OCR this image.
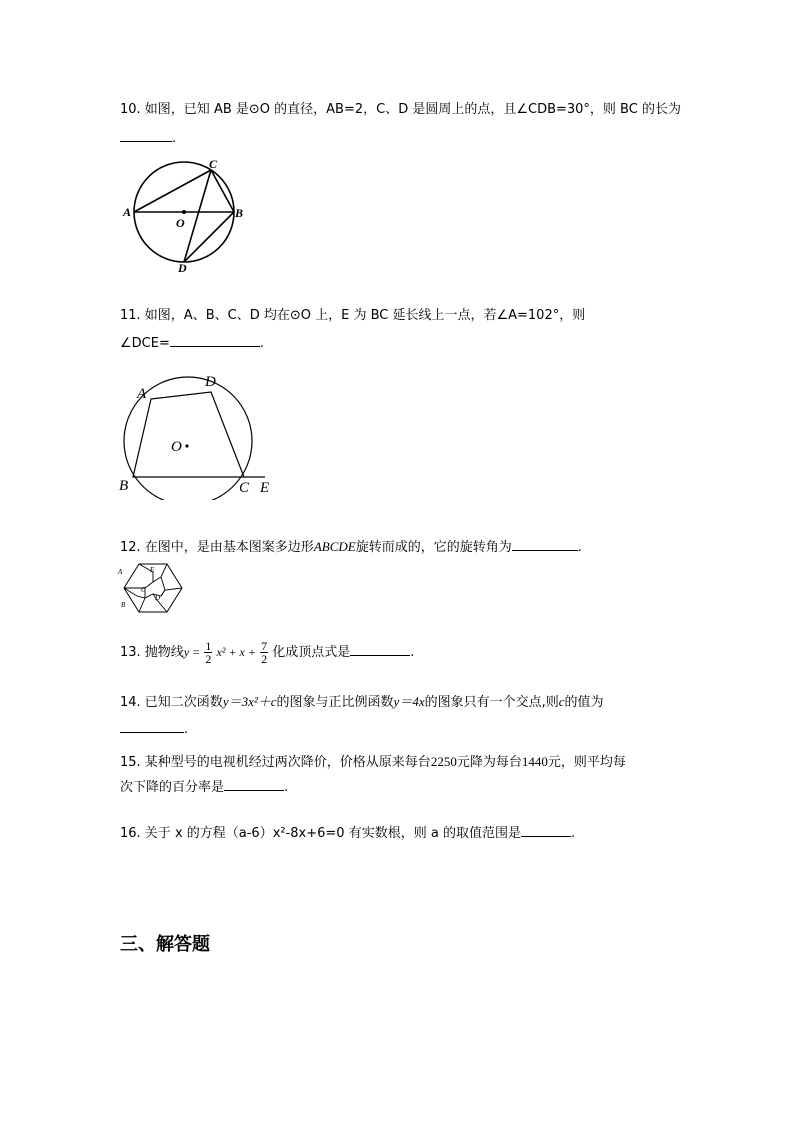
10. 如图，已知 AB 是⊙O 的直径，AB=2，C、D 是圆周上的点，且∠CDB=30°，则 BC 的长为
.
A	B
C
D
O
11. 如图，A、B、C、D 均在⊙O 上，E 为 BC 延长线上一点，若∠A=102°，则
∠DCE=	.
A
D
B	C E
O
12. 在图中，是由基本图案多边形ABCDE旋转而成的，它的旋转角为	.
A
B
C
D
E
13. 抛物线$y = \frac{1}{2} x^2 + x + \frac{7}{2}$ 化成顶点式是	.
14. 已知二次函数y＝3x²＋c的图象与正比例函数y＝4x的图象只有一个交点,则c的值为
.
15. 某种型号的电视机经过两次降价，价格从原来每台2250元降为每台1440元，则平均每
次下降的百分率是	.
16. 关于 x 的方程（a-6）x²-8x+6=0 有实数根，则 a 的取值范围是	.
三、解答题
